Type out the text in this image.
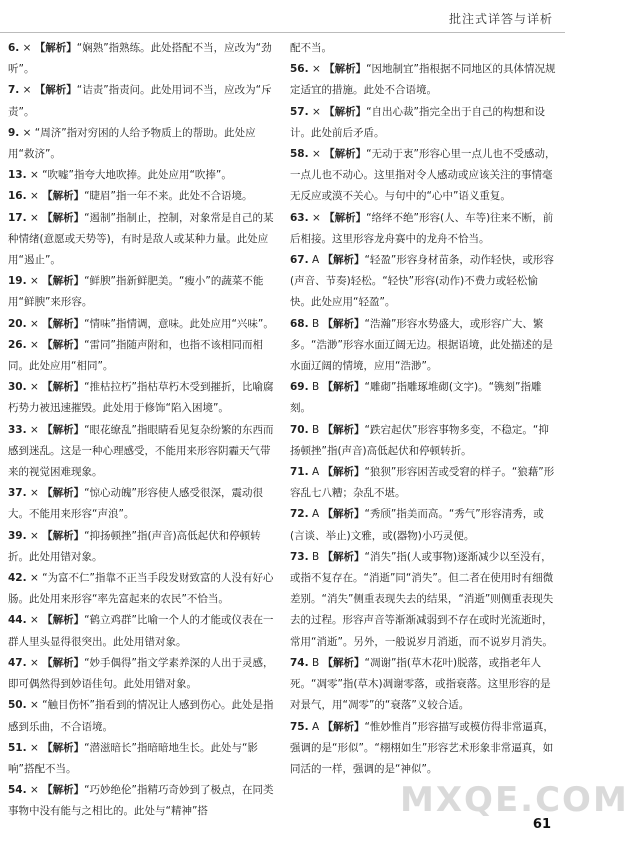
批注式详答与详析

6. × 【解析】“娴熟”指熟练。此处搭配不当，应改为“劲听”。

7. × 【解析】“诘责”指责问。此处用词不当，应改为“斥责”。

9. × “周济”指对穷困的人给予物质上的帮助。此处应用“救济”。

13. × “吹嘘”指夸大地吹捧。此处应用“吹捧”。

16. × 【解析】“睫眉”指一年不来。此处不合语境。

17. × 【解析】“遏制”指制止，控制，对象常是自己的某种情绪(意愿或天势等)，有时是敌人或某种力量。此处应用“遏止”。

19. × 【解析】“鲜腴”指新鲜肥美。“瘦小”的蔬菜不能用“鲜腴”来形容。

20. × 【解析】“情味”指情调，意味。此处应用“兴味”。

26. × 【解析】“雷同”指随声附和，也指不该相同而相同。此处应用“相同”。

30. × 【解析】“推枯拉朽”指枯草朽木受到摧折，比喻腐朽势力被迅速摧毁。此处用于修饰“陷入困境”。

33. × 【解析】“眼花缭乱”指眼睛看见复杂纷繁的东西而感到迷乱。这是一种心理感受，不能用来形容阴霾天气带来的视觉困难现象。

37. × 【解析】“惊心动魄”形容使人感受很深，震动很大。不能用来形容“声浪”。

39. × 【解析】“抑扬顿挫”指(声音)高低起伏和停顿转折。此处用错对象。

42. × “为富不仁”指靠不正当手段发财致富的人没有好心肠。此处用来形容“率先富起来的农民”不恰当。

44. × 【解析】“鹤立鸡群”比喻一个人的才能或仪表在一群人里头显得很突出。此处用错对象。

47. × 【解析】“妙手偶得”指文学素养深的人出于灵感，即可偶然得到妙语佳句。此处用错对象。

50. × “触目伤怀”指看到的情况让人感到伤心。此处是指感到乐曲，不合语境。

51. × 【解析】“潜滋暗长”指暗暗地生长。此处与“影响”搭配不当。

54. × 【解析】“巧妙绝伦”指精巧奇妙到了极点，在同类事物中没有能与之相比的。此处与“精神”搭

配不当。

56. × 【解析】“因地制宜”指根据不同地区的具体情况规定适宜的措施。此处不合语境。

57. × 【解析】“自出心裁”指完全出于自己的构想和设计。此处前后矛盾。

58. × 【解析】“无动于衷”形容心里一点儿也不受感动，一点儿也不动心。这里指对令人感动或应该关注的事情毫无反应或漠不关心。与句中的“心中”语义重复。

63. × 【解析】“络绎不绝”形容(人、车等)往来不断，前后相接。这里形容龙舟赛中的龙舟不恰当。

67. A 【解析】“轻盈”形容身材苗条，动作轻快，或形容(声音、节奏)轻松。“轻快”形容(动作)不费力或轻松愉快。此处应用“轻盈”。

68. B 【解析】“浩瀚”形容水势盛大，或形容广大、繁多。“浩渺”形容水面辽阔无边。根据语境，此处描述的是水面辽阔的情境，应用“浩渺”。

69. B 【解析】“雕砌”指雕琢堆砌(文字)。“镌刻”指雕刻。

70. B 【解析】“跌宕起伏”形容事物多变，不稳定。“抑扬顿挫”指(声音)高低起伏和停顿转折。

71. A 【解析】“狼狈”形容困苦或受窘的样子。“狼藉”形容乱七八糟；杂乱不堪。

72. A 【解析】“秀颀”指美而高。“秀气”形容清秀，或(言谈、举止)文雅，或(器物)小巧灵便。

73. B 【解析】“消失”指(人或事物)逐渐减少以至没有，或指不复存在。“消逝”同“消失”。但二者在使用时有细微差别。“消失”侧重表现失去的结果，“消逝”则侧重表现失去的过程。形容声音等渐渐减弱到不存在或时光流逝时，常用“消逝”。另外，一般说岁月消逝，而不说岁月消失。

74. B 【解析】“凋谢”指(草木花叶)脱落，或指老年人死。“凋零”指(草木)凋谢零落，或指衰落。这里形容的是对景气，用“凋零”的“衰落”义较合适。

75. A 【解析】“惟妙惟肖”形容描写或模仿得非常逼真，强调的是“形似”。“栩栩如生”形容艺术形象非常逼真，如同活的一样，强调的是“神似”。

MXQE.COM
61
